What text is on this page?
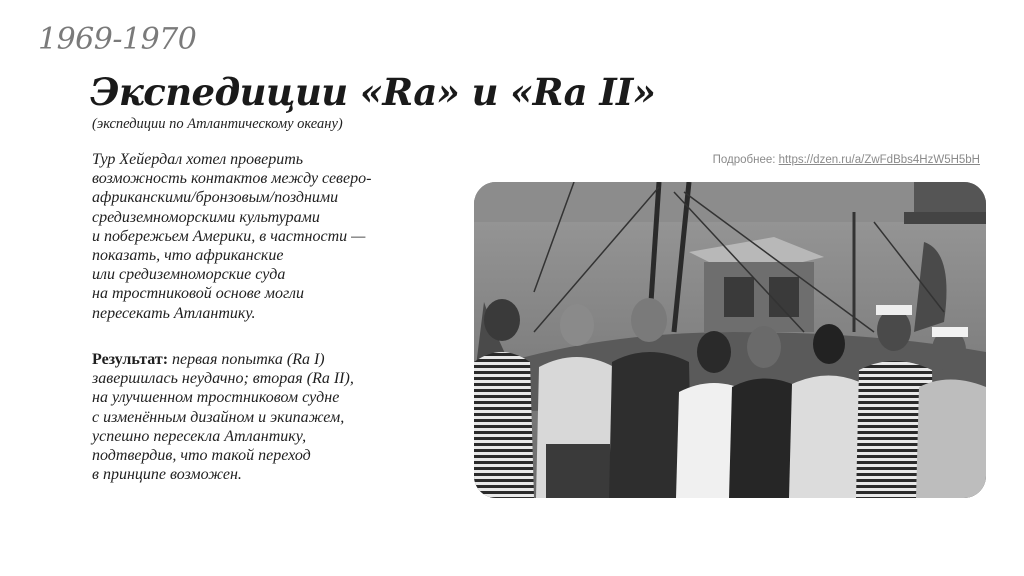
1969-1970
Экспедиции «Ra» и «Ra II»
(экспедиции по Атлантическому океану)
Тур Хейердал хотел проверить
возможность контактов между северо-
африканскими/бронзовым/поздними
средиземноморскими культурами
и побережьем Америки, в частности —
показать, что африканские
или средиземноморские суда
на тростниковой основе могли
пересекать Атлантику.
Результат: первая попытка (Ra I)
завершилась неудачно; вторая (Ra II),
на улучшенном тростниковом судне
с изменённым дизайном и экипажем,
успешно пересекла Атлантику,
подтвердив, что такой переход
в принципе возможен.
Подробнее: https://dzen.ru/a/ZwFdBbs4HzW5H5bH
